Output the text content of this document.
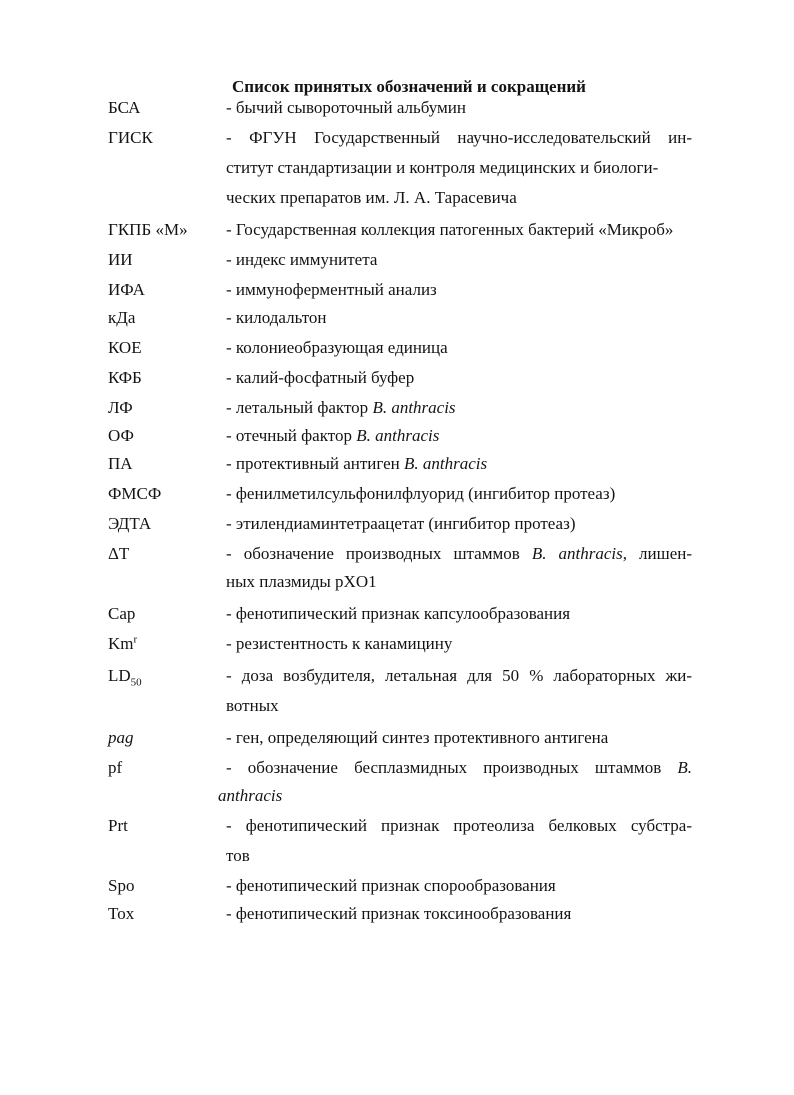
Список принятых обозначений и сокращений
БСА	- бычий сывороточный альбумин
ГИСК	- ФГУН Государственный научно-исследовательский ин-
ститут стандартизации и контроля медицинских и биологи-
ческих препаратов им. Л. А. Тарасевича
ГКПБ «М» - Государственная коллекция патогенных бактерий «Микроб»
ИИ	- индекс иммунитета
ИФА	- иммуноферментный анализ
кДа	- килодальтон
КОЕ	- колониеобразующая единица
КФБ	- калий-фосфатный буфер
ЛФ	- летальный фактор B. anthracis
ОФ	- отечный фактор B. anthracis
ПА	- протективный антиген B. anthracis
ФМСФ	- фенилметилсульфонилфлуорид (ингибитор протеаз)
ЭДТА	- этилендиаминтетраацетат (ингибитор протеаз)
ΔT	- обозначение производных штаммов B. anthracis, лишен-
ных плазмиды pXO1
Cap	- фенотипический признак капсулообразования
Km$^r$	- резистентность к канамицину
$LD_{50}$	- доза возбудителя, летальная для 50 % лабораторных жи-
вотных
pag	- ген, определяющий синтез протективного антигена
pf	- обозначение бесплазмидных производных штаммов B.
anthracis
Prt	- фенотипический признак протеолиза белковых субстра-
тов
Spo	- фенотипический признак спорообразования
Tox	- фенотипический признак токсинообразования
